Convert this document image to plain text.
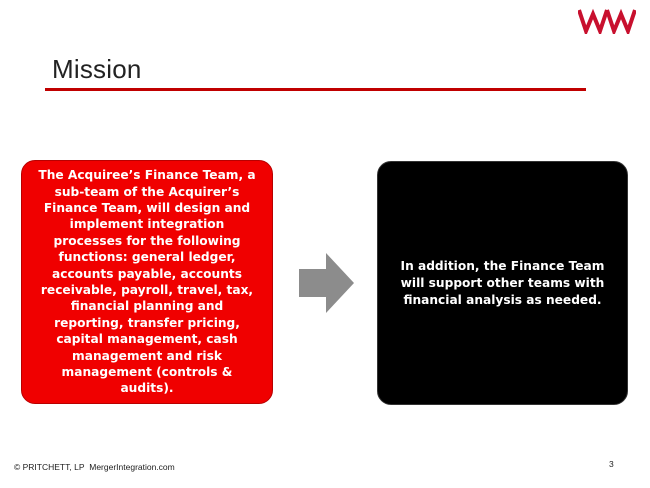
Mission
The Acquiree’s Finance Team, a sub-team of the Acquirer’s Finance Team, will design and implement integration processes for the following functions: general ledger, accounts payable, accounts receivable, payroll, travel, tax, financial planning and reporting, transfer pricing, capital management, cash management and risk management (controls & audits).
In addition, the Finance Team will support other teams with financial analysis as needed.
© PRITCHETT, LP MergerIntegration.com	3
